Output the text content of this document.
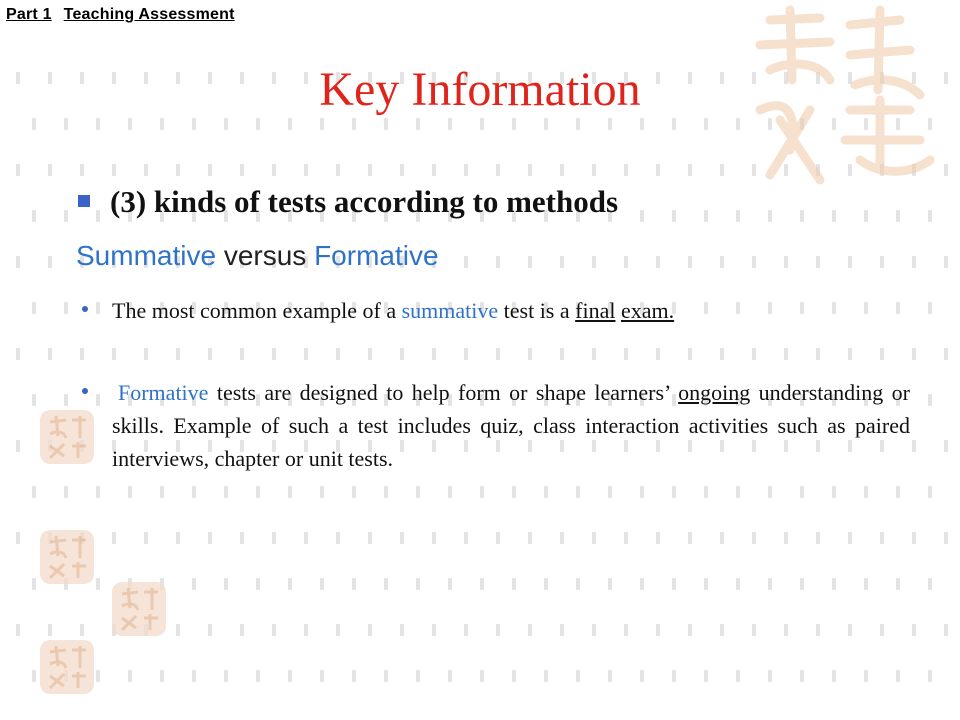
Part 1 Teaching Assessment
Key Information
(3) kinds of tests according to methods
Summative versus Formative
The most common example of a summative test is a final exam.
Formative tests are designed to help form or shape learners’ ongoing understanding or skills. Example of such a test includes quiz, class interaction activities such as paired interviews, chapter or unit tests.
